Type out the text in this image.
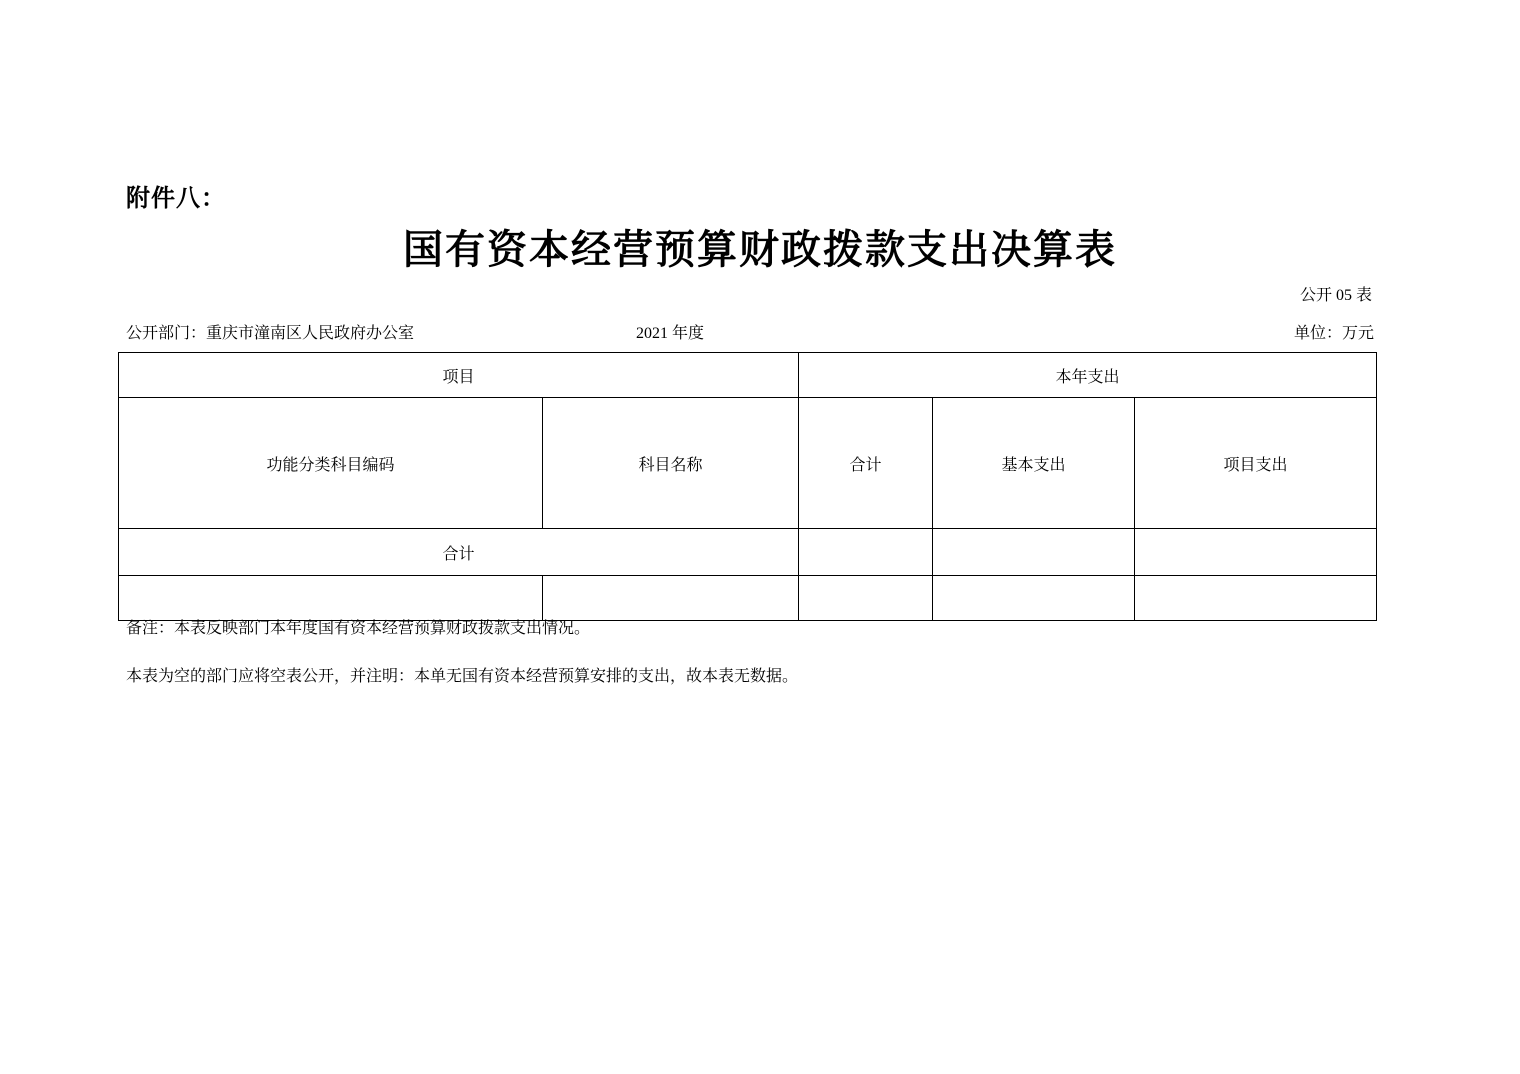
附件八：
国有资本经营预算财政拨款支出决算表
公开 05 表
公开部门：重庆市潼南区人民政府办公室	2021 年度	单位：万元
项目		本年支出		
功能分类科目编码	科目名称	合计	基本支出	项目支出
合计				

备注：本表反映部门本年度国有资本经营预算财政拨款支出情况。
本表为空的部门应将空表公开，并注明：本单无国有资本经营预算安排的支出，故本表无数据。
